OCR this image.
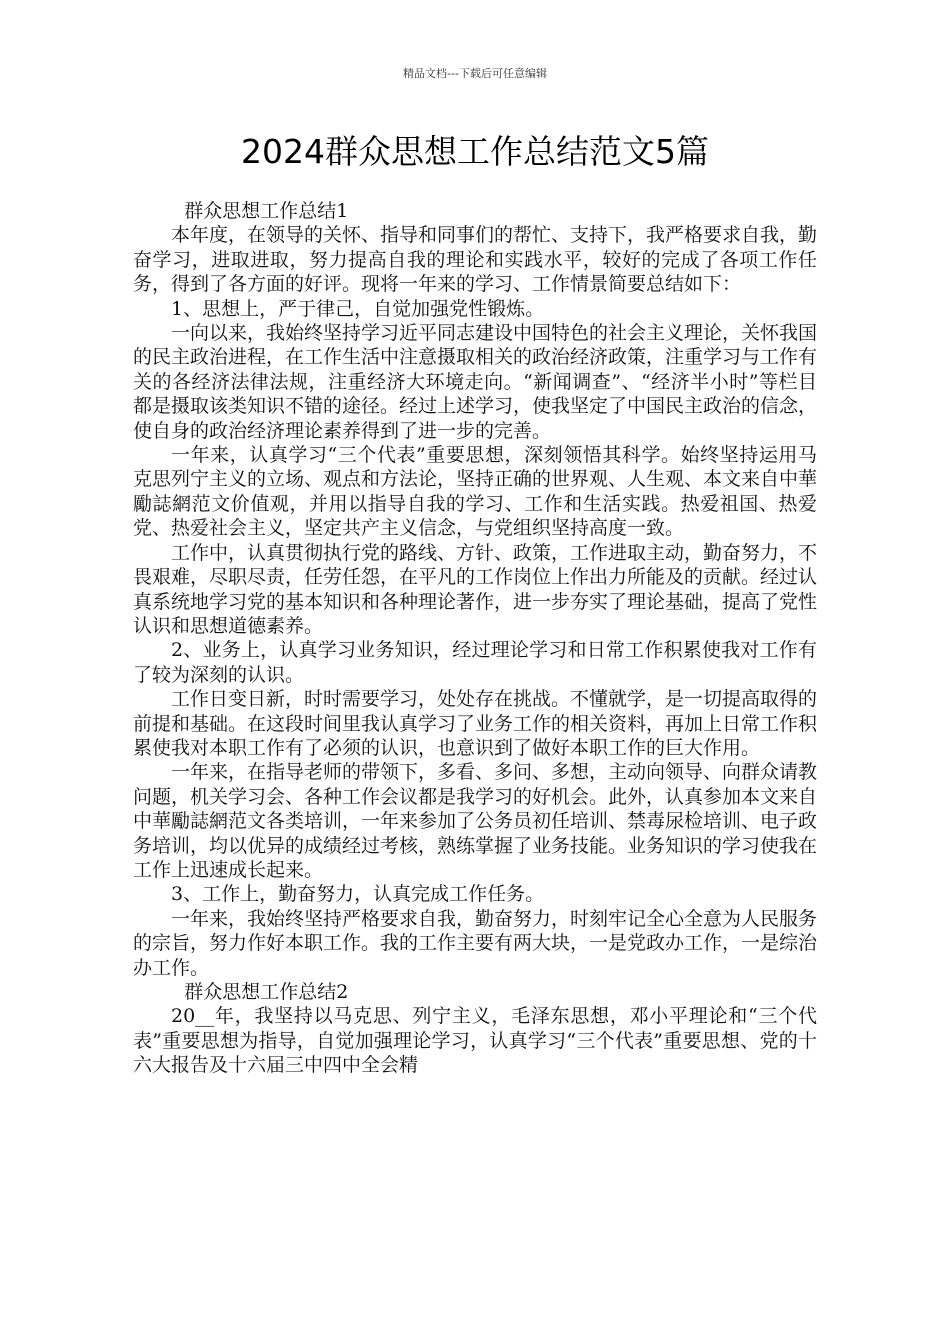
精品文档---下载后可任意编辑
2024群众思想工作总结范文5篇

群众思想工作总结1

本年度，在领导的关怀、指导和同事们的帮忙、支持下，我严格要求自我，勤奋学习，进取进取，努力提高自我的理论和实践水平，较好的完成了各项工作任务，得到了各方面的好评。现将一年来的学习、工作情景简要总结如下：

1、思想上，严于律己，自觉加强党性锻炼。

一向以来，我始终坚持学习近平同志建设中国特色的社会主义理论，关怀我国的民主政治进程，在工作生活中注意摄取相关的政治经济政策，注重学习与工作有关的各经济法律法规，注重经济大环境走向。“新闻调查”、“经济半小时”等栏目都是摄取该类知识不错的途径。经过上述学习，使我坚定了中国民主政治的信念，使自身的政治经济理论素养得到了进一步的完善。

一年来，认真学习“三个代表”重要思想，深刻领悟其科学。始终坚持运用马克思列宁主义的立场、观点和方法论，坚持正确的世界观、人生观、本文来自中華勵誌網范文价值观，并用以指导自我的学习、工作和生活实践。热爱祖国、热爱党、热爱社会主义，坚定共产主义信念，与党组织坚持高度一致。

工作中，认真贯彻执行党的路线、方针、政策，工作进取主动，勤奋努力，不畏艰难，尽职尽责，任劳任怨，在平凡的工作岗位上作出力所能及的贡献。经过认真系统地学习党的基本知识和各种理论著作，进一步夯实了理论基础，提高了党性认识和思想道德素养。

2、业务上，认真学习业务知识，经过理论学习和日常工作积累使我对工作有了较为深刻的认识。

工作日变日新，时时需要学习，处处存在挑战。不懂就学，是一切提高取得的前提和基础。在这段时间里我认真学习了业务工作的相关资料，再加上日常工作积累使我对本职工作有了必须的认识，也意识到了做好本职工作的巨大作用。

一年来，在指导老师的带领下，多看、多问、多想，主动向领导、向群众请教问题，机关学习会、各种工作会议都是我学习的好机会。此外，认真参加本文来自中華勵誌網范文各类培训，一年来参加了公务员初任培训、禁毒尿检培训、电子政务培训，均以优异的成绩经过考核，熟练掌握了业务技能。业务知识的学习使我在工作上迅速成长起来。

3、工作上，勤奋努力，认真完成工作任务。

一年来，我始终坚持严格要求自我，勤奋努力，时刻牢记全心全意为人民服务的宗旨，努力作好本职工作。我的工作主要有两大块，一是党政办工作，一是综治办工作。

群众思想工作总结2

20__年，我坚持以马克思、列宁主义，毛泽东思想，邓小平理论和“三个代表”重要思想为指导，自觉加强理论学习，认真学习“三个代表”重要思想、党的十六大报告及十六届三中四中全会精
